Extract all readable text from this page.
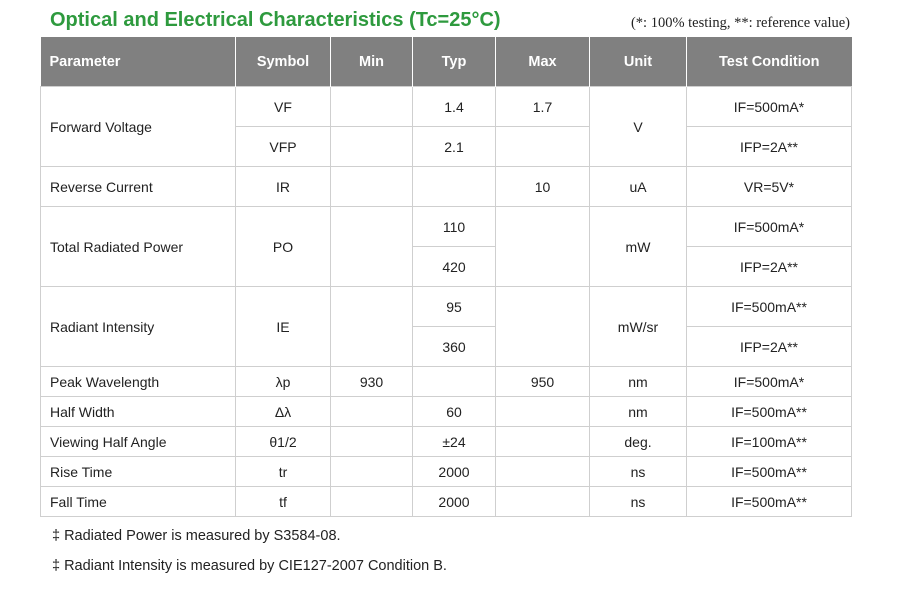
Optical and Electrical Characteristics (Tc=25°C)	(*: 100% testing, **: reference value)
Parameter	Symbol	Min	Typ	Max	Unit	Test Condition
Forward Voltage	VF		1.4	1.7	V	IF=500mA*
	VFP		2.1			IFP=2A**
Reverse Current	IR			10	uA	VR=5V*
Total Radiated Power	PO		110		mW	IF=500mA*
			420			IFP=2A**
Radiant Intensity	IE		95		mW/sr	IF=500mA**
			360			IFP=2A**
Peak Wavelength	λp	930		950	nm	IF=500mA*
Half Width	Δλ		60		nm	IF=500mA**
Viewing Half Angle	θ1/2		±24		deg.	IF=100mA**
Rise Time	tr		2000		ns	IF=500mA**
Fall Time	tf		2000		ns	IF=500mA**
‡ Radiated Power is measured by S3584-08.
‡ Radiant Intensity is measured by CIE127-2007 Condition B.
